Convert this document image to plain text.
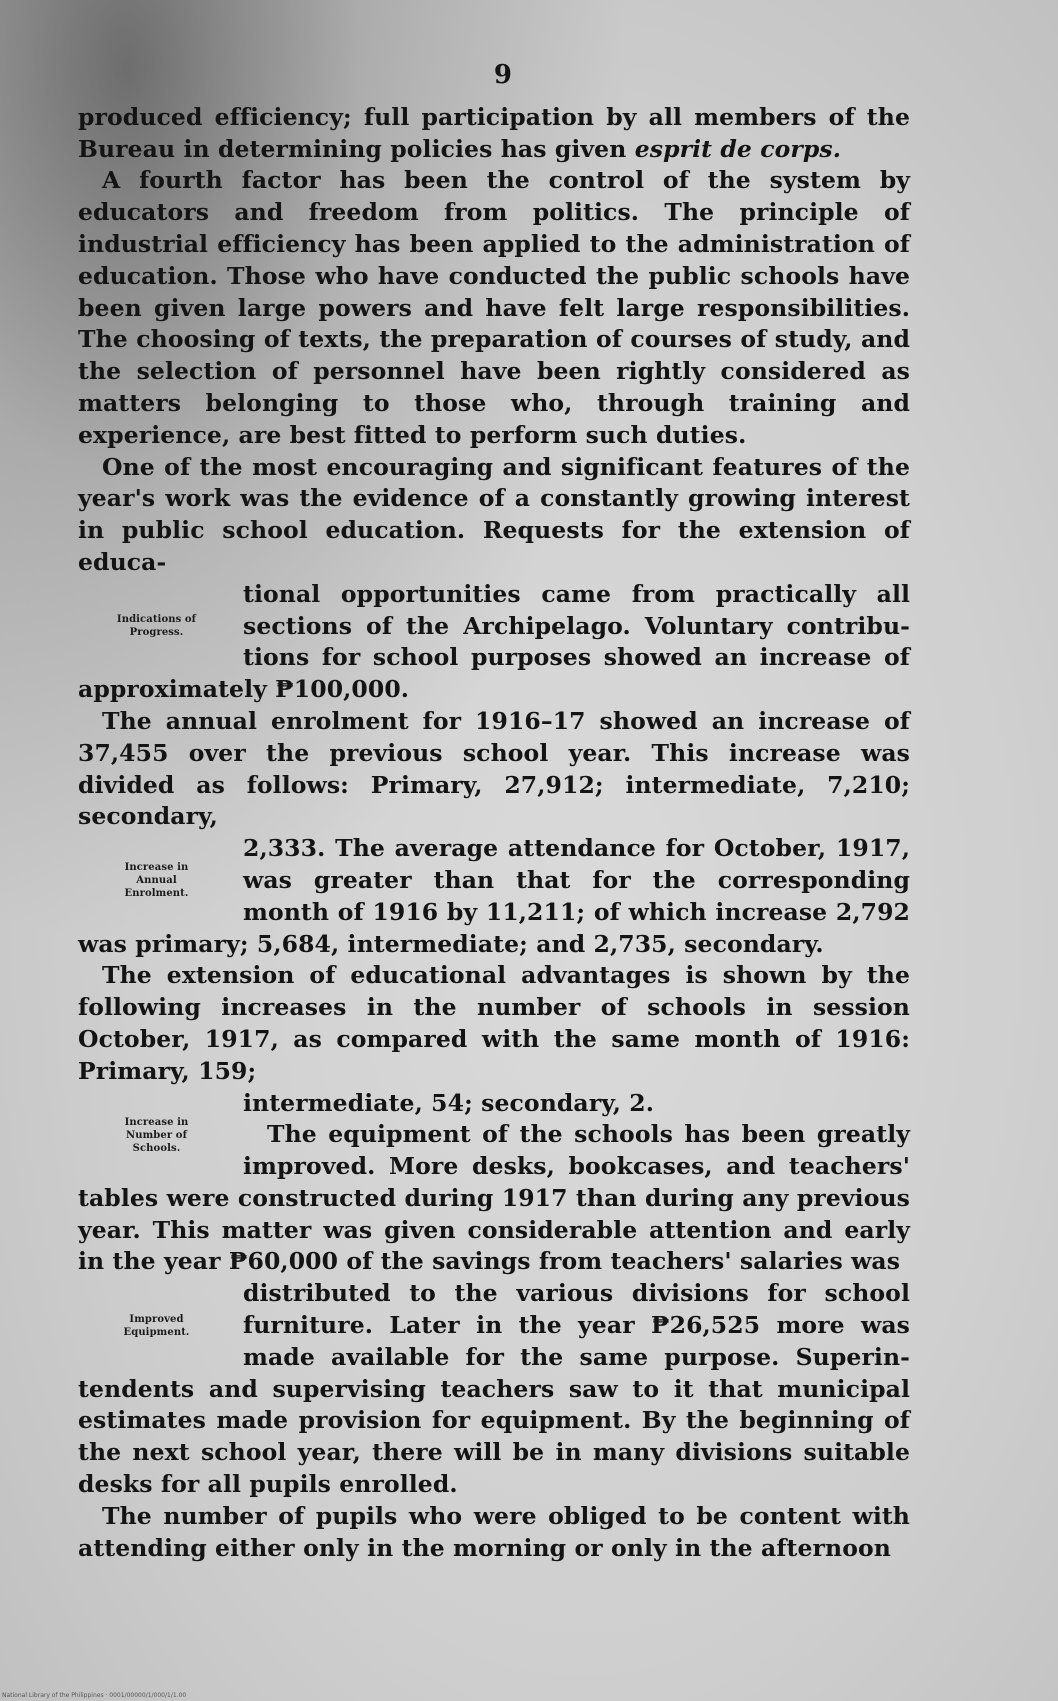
9

produced efficiency; full participation by all members of the Bureau in determining policies has given esprit de corps.

A fourth factor has been the control of the system by educators and freedom from politics. The principle of industrial efficiency has been applied to the administration of education. Those who have conducted the public schools have been given large powers and have felt large responsibilities. The choosing of texts, the preparation of courses of study, and the selection of personnel have been rightly considered as matters belonging to those who, through training and experience, are best fitted to perform such duties.

One of the most encouraging and significant features of the year's work was the evidence of a constantly growing interest in public school education. Requests for the extension of educa-

Indications of
Progress.
tional opportunities came from practically all
sections of the Archipelago. Voluntary contribu-
tions for school purposes showed an increase of

approximately ₱100,000.

The annual enrolment for 1916–17 showed an increase of 37,455 over the previous school year. This increase was divided as follows: Primary, 27,912; intermediate, 7,210; secondary,

Increase in
Annual
Enrolment.
2,333. The average attendance for October, 1917,
was greater than that for the corresponding
month of 1916 by 11,211; of which increase 2,792

was primary; 5,684, intermediate; and 2,735, secondary.

The extension of educational advantages is shown by the following increases in the number of schools in session October, 1917, as compared with the same month of 1916: Primary, 159;

Increase in
Number of
Schools.
intermediate, 54; secondary, 2.
The equipment of the schools has been greatly
improved. More desks, bookcases, and teachers'

tables were constructed during 1917 than during any previous year. This matter was given considerable attention and early in the year ₱60,000 of the savings from teachers' salaries was

Improved
Equipment.
distributed to the various divisions for school
furniture. Later in the year ₱26,525 more was
made available for the same purpose. Superin-

tendents and supervising teachers saw to it that municipal estimates made provision for equipment. By the beginning of the next school year, there will be in many divisions suitable desks for all pupils enrolled.

The number of pupils who were obliged to be content with attending either only in the morning or only in the afternoon

National Library of the Philippines · 0001/00000/1/000/1/1.00
